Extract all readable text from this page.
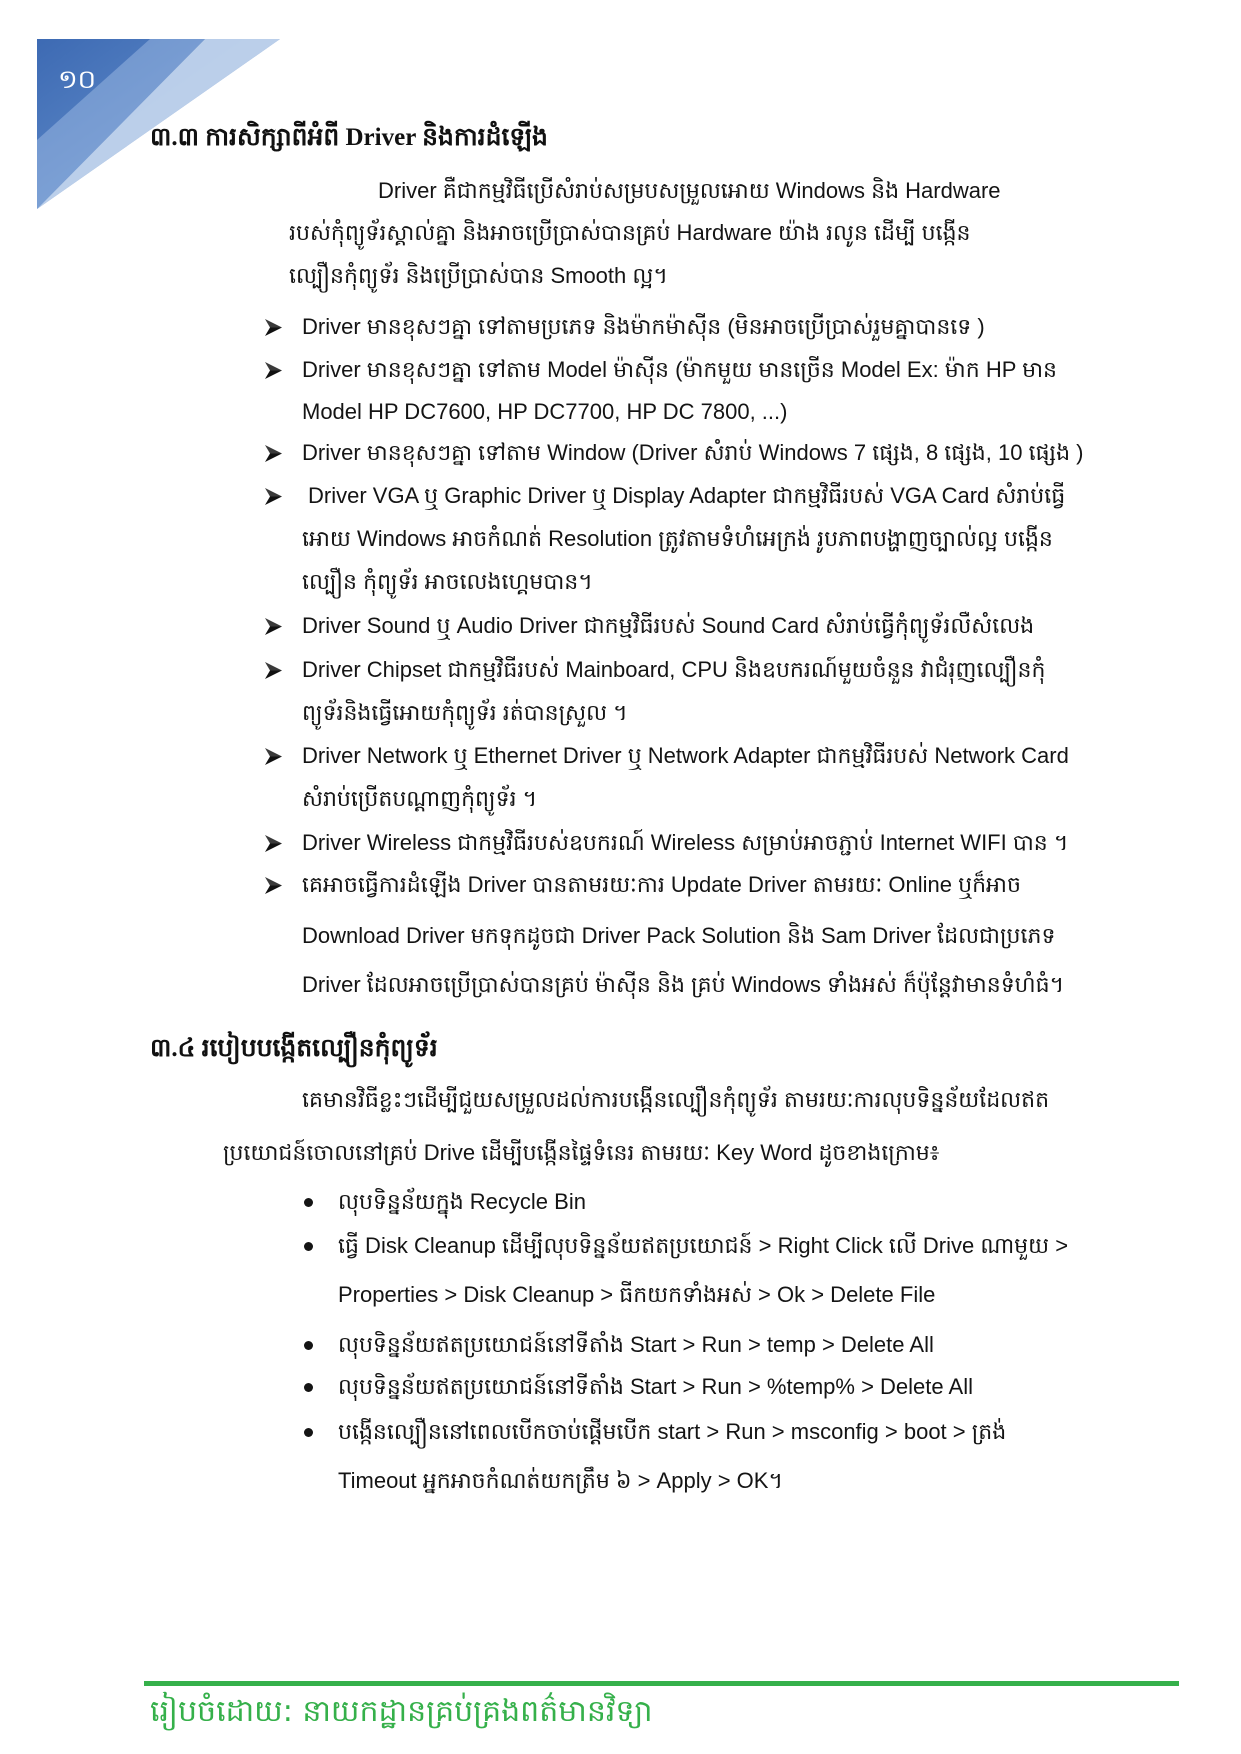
១០
៣.៣ ការសិក្សាពីអំពី Driver និងការដំឡើង
Driver គឺជាកម្មវិធីប្រើសំរាប់សម្របសម្រួលអោយ Windows និង Hardware
របស់កុំព្យូទ័រស្គាល់គ្នា និងអាចប្រើប្រាស់បានគ្រប់ Hardware យ៉ាង រលូន ដើម្បី បង្កើន
ល្បឿនកុំព្យូទ័រ និងប្រើប្រាស់បាន Smooth ល្អ។
Driver មានខុសៗគ្នា ទៅតាមប្រភេទ និងម៉ាកម៉ាស៊ីន (មិនអាចប្រើប្រាស់រួមគ្នាបានទេ )
Driver មានខុសៗគ្នា ទៅតាម Model ម៉ាស៊ីន (ម៉ាកមួយ មានច្រើន Model Ex: ម៉ាក HP មាន
Model HP DC7600, HP DC7700, HP DC 7800, ...)
Driver មានខុសៗគ្នា ទៅតាម Window (Driver សំរាប់ Windows 7 ផ្សេង, 8 ផ្សេង, 10 ផ្សេង )
Driver VGA ឬ Graphic Driver ឬ Display Adapter ជាកម្មវិធីរបស់ VGA Card សំរាប់ធ្វើ
អោយ Windows អាចកំណត់ Resolution ត្រូវតាមទំហំអេក្រង់ រូបភាពបង្ហាញច្បាល់ល្អ បង្កើន
ល្បឿន កុំព្យូទ័រ អាចលេងហ្គេមបាន។
Driver Sound ឬ Audio Driver ជាកម្មវិធីរបស់ Sound Card សំរាប់ធ្វើកុំព្យូទ័រលឺសំលេង
Driver Chipset ជាកម្មវិធីរបស់ Mainboard, CPU និងឧបករណ៍មួយចំនួន វាជំរុញល្បឿនកុំ
ព្យូទ័រនិងធ្វើអោយកុំព្យូទ័រ រត់បានស្រួល ។
Driver Network ឬ Ethernet Driver ឬ Network Adapter ជាកម្មវិធីរបស់ Network Card
សំរាប់ប្រើតបណ្តាញកុំព្យូទ័រ ។
Driver Wireless ជាកម្មវិធីរបស់ឧបករណ៍ Wireless សម្រាប់អាចភ្ជាប់ Internet WIFI បាន ។
គេអាចធ្វើការដំឡើង Driver បានតាមរយៈការ Update Driver តាមរយៈ Online ឬក៏អាច
Download Driver មកទុកដូចជា Driver Pack Solution និង Sam Driver ដែលជាប្រភេទ
Driver ដែលអាចប្រើប្រាស់បានគ្រប់ ម៉ាស៊ីន និង គ្រប់ Windows ទាំងអស់ ក៏ប៉ុន្តែវាមានទំហំធំ។
៣.៤ របៀបបង្កើតល្បឿនកុំព្យូទ័រ
គេមានវិធីខ្លះៗដើម្បីជួយសម្រួលដល់ការបង្កើនល្បឿនកុំព្យូទ័រ តាមរយៈការលុបទិន្នន័យដែលឥត
ប្រយោជន៍ចោលនៅគ្រប់ Drive ដើម្បីបង្កើនផ្ទៃទំនេរ តាមរយៈ Key Word ដូចខាងក្រោម៖
លុបទិន្នន័យក្នុង Recycle Bin
ធ្វើ Disk Cleanup ដើម្បីលុបទិន្នន័យឥតប្រយោជន៍ > Right Click លើ Drive ណាមួយ >
Properties > Disk Cleanup > ធីកយកទាំងអស់ > Ok > Delete File
លុបទិន្នន័យឥតប្រយោជន៍នៅទីតាំង Start > Run > temp > Delete All
លុបទិន្នន័យឥតប្រយោជន៍នៅទីតាំង Start > Run > %temp% > Delete All
បង្កើនល្បឿននៅពេលបើកចាប់ផ្តើមបើក start > Run > msconfig > boot > ត្រង់
Timeout អ្នកអាចកំណត់យកត្រឹម ៦ > Apply > OK។
រៀបចំដោយ: នាយកដ្ឋានគ្រប់គ្រងពត៌មានវិទ្យា
